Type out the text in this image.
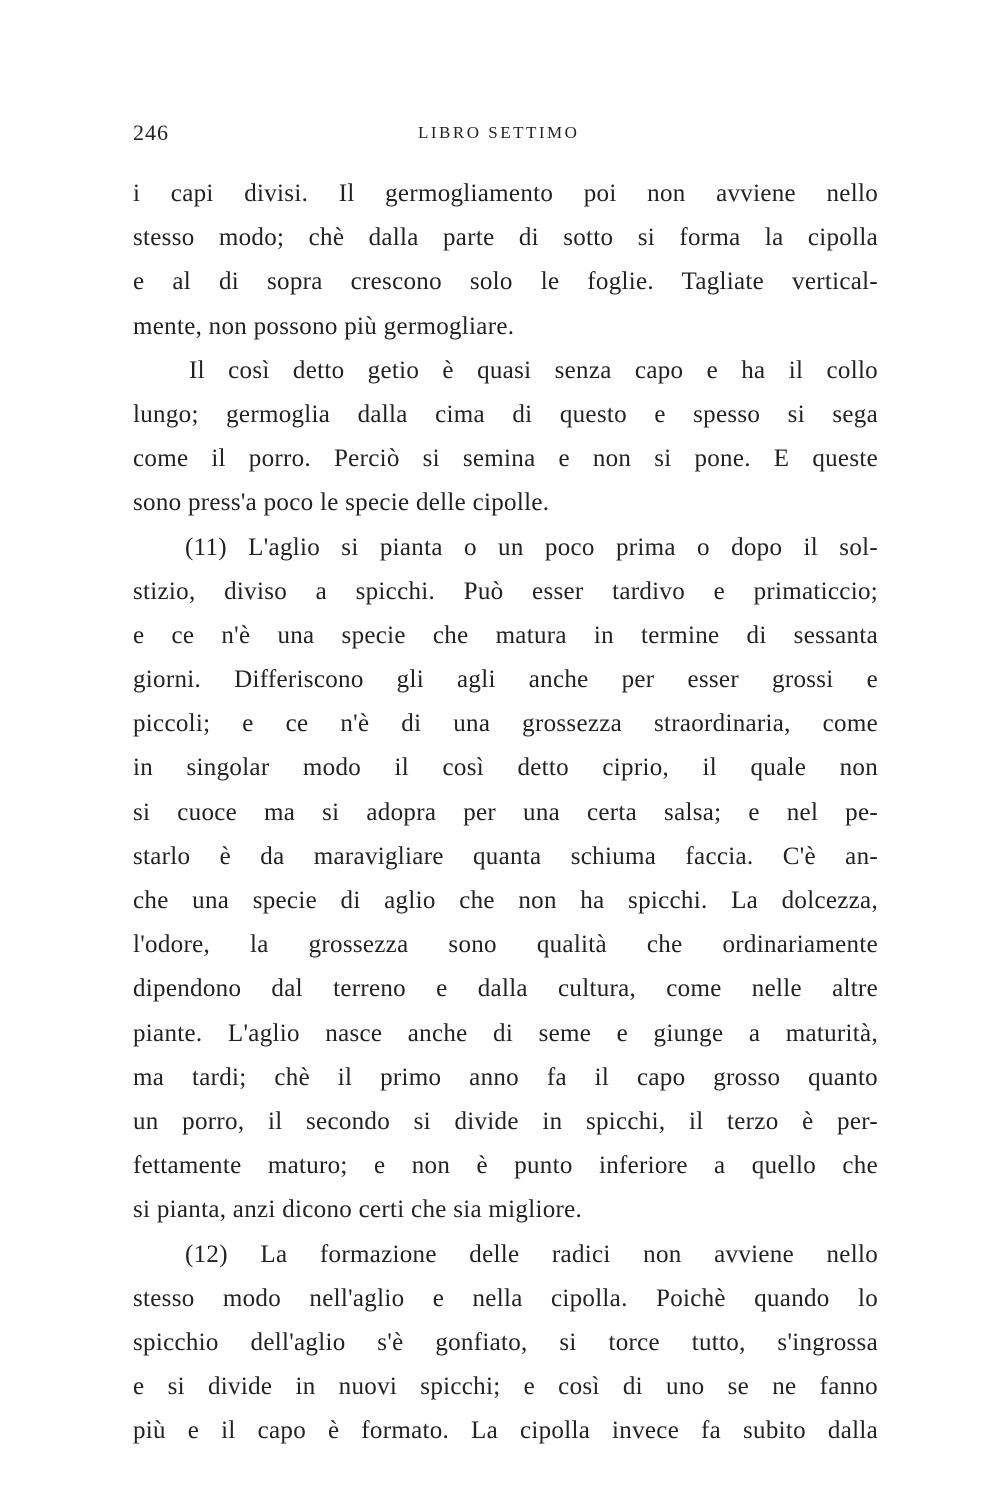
246	LIBRO SETTIMO
i capi divisi. Il germogliamento poi non avviene nello
stesso modo; chè dalla parte di sotto si forma la cipolla
e al di sopra crescono solo le foglie. Tagliate vertical-
mente, non possono più germogliare.
Il così detto getio è quasi senza capo e ha il collo
lungo; germoglia dalla cima di questo e spesso si sega
come il porro. Perciò si semina e non si pone. E queste
sono press'a poco le specie delle cipolle.
(11) L'aglio si pianta o un poco prima o dopo il sol-
stizio, diviso a spicchi. Può esser tardivo e primaticcio;
e ce n'è una specie che matura in termine di sessanta
giorni. Differiscono gli agli anche per esser grossi e
piccoli; e ce n'è di una grossezza straordinaria, come
in singolar modo il così detto ciprio, il quale non
si cuoce ma si adopra per una certa salsa; e nel pe-
starlo è da maravigliare quanta schiuma faccia. C'è an-
che una specie di aglio che non ha spicchi. La dolcezza,
l'odore, la grossezza sono qualità che ordinariamente
dipendono dal terreno e dalla cultura, come nelle altre
piante. L'aglio nasce anche di seme e giunge a maturità,
ma tardi; chè il primo anno fa il capo grosso quanto
un porro, il secondo si divide in spicchi, il terzo è per-
fettamente maturo; e non è punto inferiore a quello che
si pianta, anzi dicono certi che sia migliore.
(12) La formazione delle radici non avviene nello
stesso modo nell'aglio e nella cipolla. Poichè quando lo
spicchio dell'aglio s'è gonfiato, si torce tutto, s'ingrossa
e si divide in nuovi spicchi; e così di uno se ne fanno
più e il capo è formato. La cipolla invece fa subito dalla
